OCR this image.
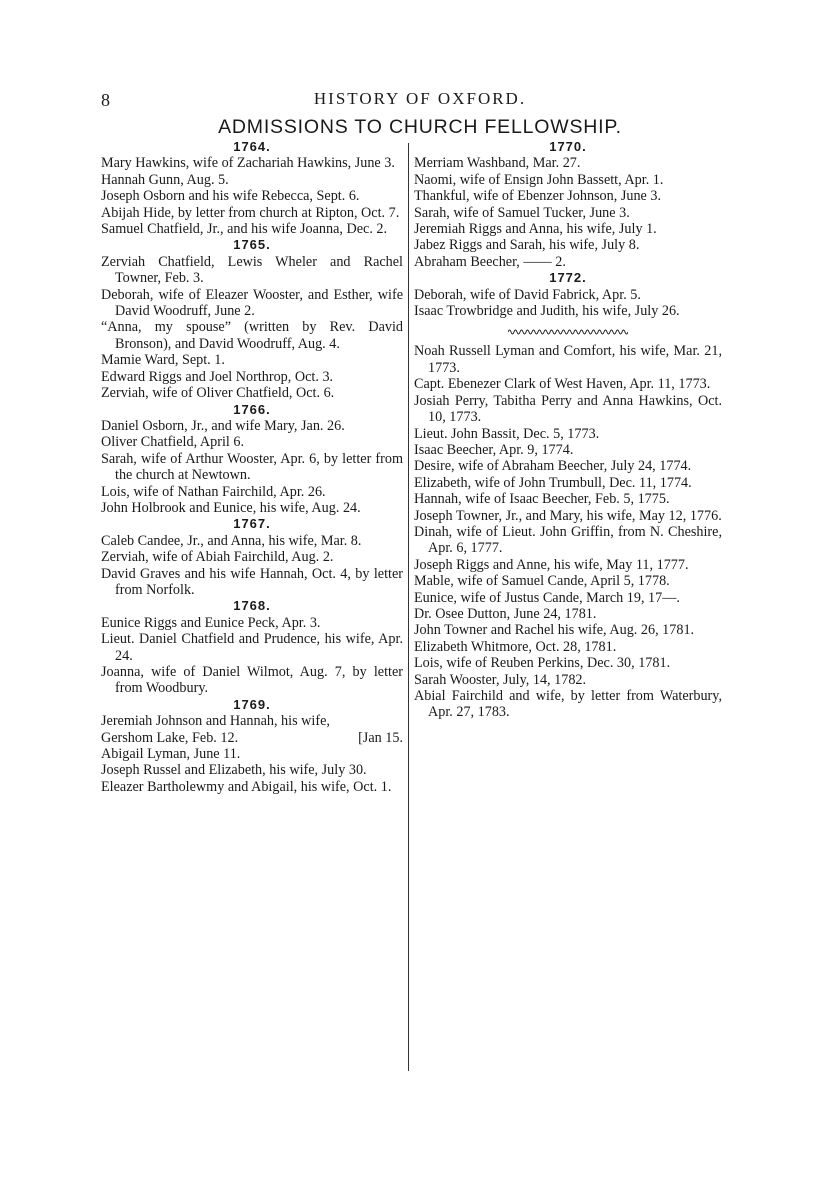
8	HISTORY OF OXFORD.
ADMISSIONS TO CHURCH FELLOWSHIP.
1764.
Mary Hawkins, wife of Zachariah Hawkins, June 3.
Hannah Gunn, Aug. 5.
Joseph Osborn and his wife Rebecca, Sept. 6.
Abijah Hide, by letter from church at Ripton, Oct. 7.
Samuel Chatfield, Jr., and his wife Joanna, Dec. 2.
1765.
Zerviah Chatfield, Lewis Wheler and Rachel Towner, Feb. 3.
Deborah, wife of Eleazer Wooster, and Esther, wife David Woodruff, June 2.
“Anna, my spouse” (written by Rev. David Bronson), and David Woodruff, Aug. 4.
Mamie Ward, Sept. 1.
Edward Riggs and Joel Northrop, Oct. 3.
Zerviah, wife of Oliver Chatfield, Oct. 6.
1766.
Daniel Osborn, Jr., and wife Mary, Jan. 26.
Oliver Chatfield, April 6.
Sarah, wife of Arthur Wooster, Apr. 6, by letter from the church at Newtown.
Lois, wife of Nathan Fairchild, Apr. 26.
John Holbrook and Eunice, his wife, Aug. 24.
1767.
Caleb Candee, Jr., and Anna, his wife, Mar. 8.
Zerviah, wife of Abiah Fairchild, Aug. 2.
David Graves and his wife Hannah, Oct. 4, by letter from Norfolk.
1768.
Eunice Riggs and Eunice Peck, Apr. 3.
Lieut. Daniel Chatfield and Prudence, his wife, Apr. 24.
Joanna, wife of Daniel Wilmot, Aug. 7, by letter from Woodbury.
1769.
Jeremiah Johnson and Hannah, his wife,
Gershom Lake, Feb. 12.	[Jan 15.
Abigail Lyman, June 11.
Joseph Russel and Elizabeth, his wife, July 30.
Eleazer Bartholewmy and Abigail, his wife, Oct. 1.
1770.
Merriam Washband, Mar. 27.
Naomi, wife of Ensign John Bassett, Apr. 1.
Thankful, wife of Ebenzer Johnson, June 3.
Sarah, wife of Samuel Tucker, June 3.
Jeremiah Riggs and Anna, his wife, July 1.
Jabez Riggs and Sarah, his wife, July 8.
Abraham Beecher, —— 2.
1772.
Deborah, wife of David Fabrick, Apr. 5.
Isaac Trowbridge and Judith, his wife, July 26.
Noah Russell Lyman and Comfort, his wife, Mar. 21, 1773.
Capt. Ebenezer Clark of West Haven, Apr. 11, 1773.
Josiah Perry, Tabitha Perry and Anna Hawkins, Oct. 10, 1773.
Lieut. John Bassit, Dec. 5, 1773.
Isaac Beecher, Apr. 9, 1774.
Desire, wife of Abraham Beecher, July 24, 1774.
Elizabeth, wife of John Trumbull, Dec. 11, 1774.
Hannah, wife of Isaac Beecher, Feb. 5, 1775.
Joseph Towner, Jr., and Mary, his wife, May 12, 1776.
Dinah, wife of Lieut. John Griffin, from N. Cheshire, Apr. 6, 1777.
Joseph Riggs and Anne, his wife, May 11, 1777.
Mable, wife of Samuel Cande, April 5, 1778.
Eunice, wife of Justus Cande, March 19, 17—.
Dr. Osee Dutton, June 24, 1781.
John Towner and Rachel his wife, Aug. 26, 1781.
Elizabeth Whitmore, Oct. 28, 1781.
Lois, wife of Reuben Perkins, Dec. 30, 1781.
Sarah Wooster, July, 14, 1782.
Abial Fairchild and wife, by letter from Waterbury, Apr. 27, 1783.
